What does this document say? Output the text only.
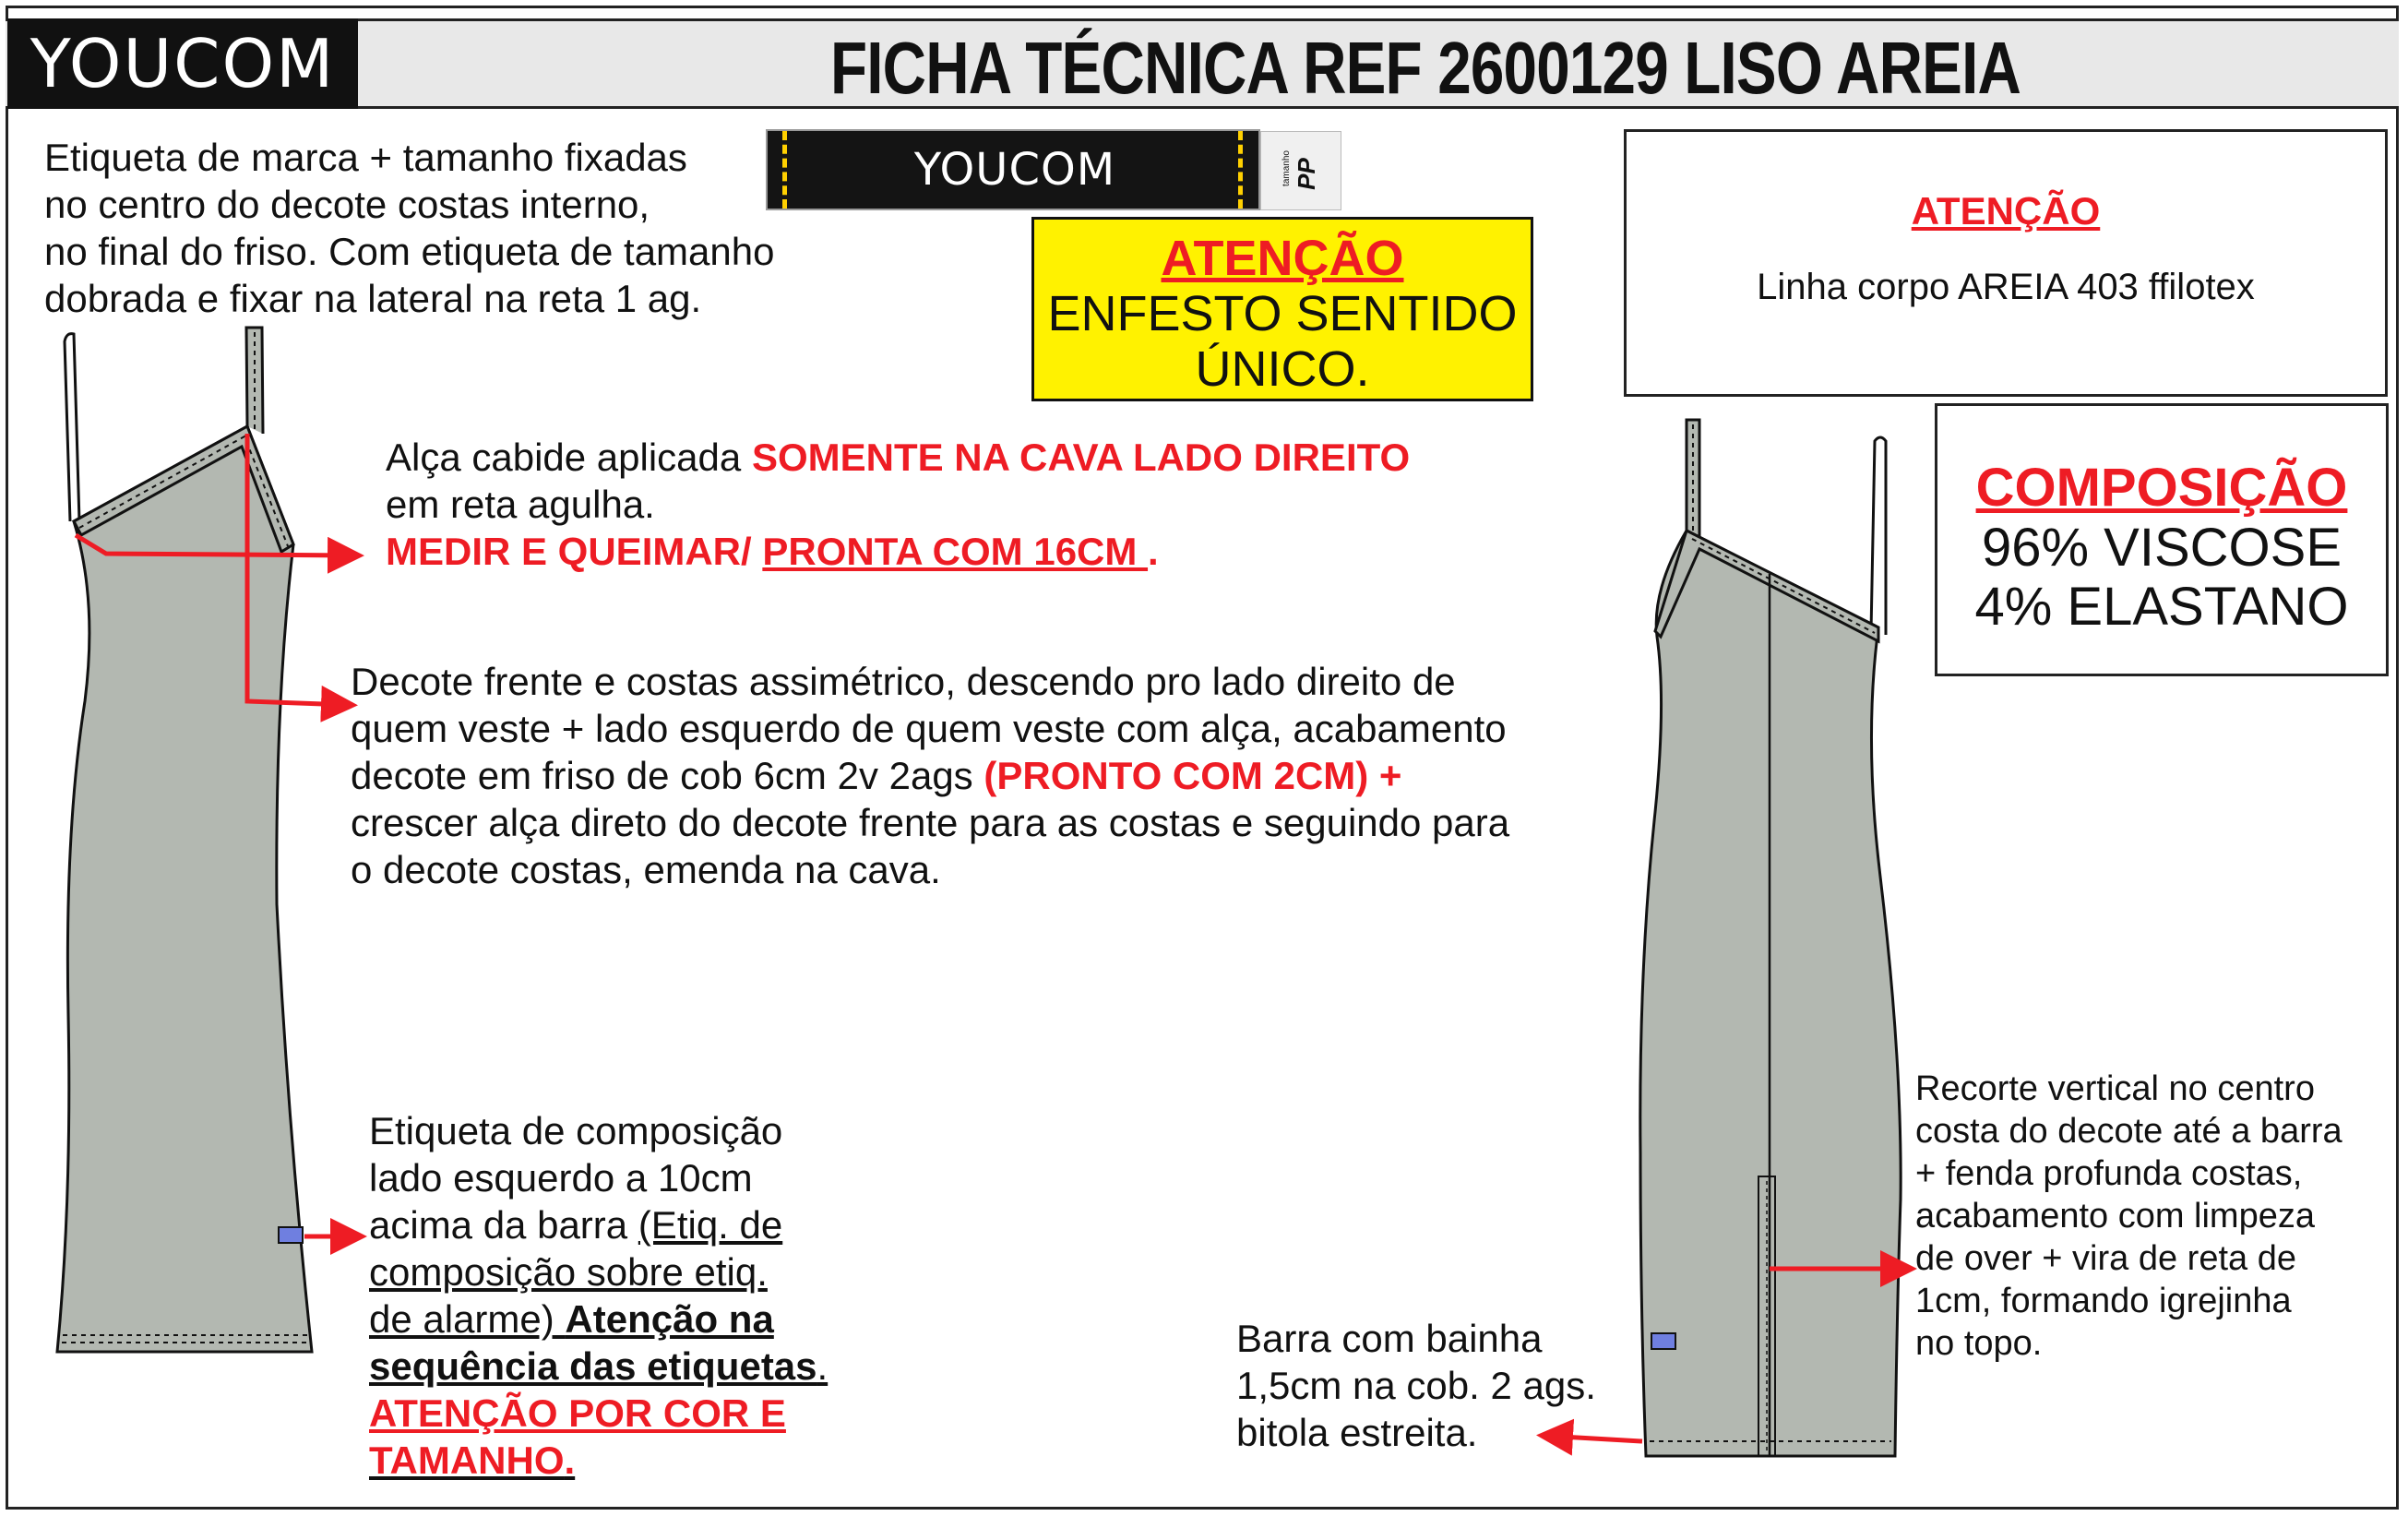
YOUCOM	FICHA TÉCNICA REF 2600129 LISO AREIA
Etiqueta de marca + tamanho fixadas
no centro do decote costas interno,
no final do friso. Com etiqueta de tamanho
dobrada e fixar na lateral na reta 1 ag.
YOUCOM	tamanho PP
ATENÇÃO
ENFESTO SENTIDO
ÚNICO.
ATENÇÃO
Linha corpo AREIA 403 ffilotex
COMPOSIÇÃO
96% VISCOSE
4% ELASTANO
Alça cabide aplicada SOMENTE NA CAVA LADO DIREITO
em reta agulha.
MEDIR E QUEIMAR/ PRONTA COM 16CM .
Decote frente e costas assimétrico, descendo pro lado direito de
quem veste + lado esquerdo de quem veste com alça, acabamento
decote em friso de cob 6cm 2v 2ags (PRONTO COM 2CM) +
crescer alça direto do decote frente para as costas e seguindo para
o decote costas, emenda na cava.
Etiqueta de composição
lado esquerdo a 10cm
acima da barra (Etiq. de
composição sobre etiq.
de alarme) Atenção na
sequência das etiquetas.
ATENÇÃO POR COR E
TAMANHO.
Barra com bainha
1,5cm na cob. 2 ags.
bitola estreita.
Recorte vertical no centro
costa do decote até a barra
+ fenda profunda costas,
acabamento com limpeza
de over + vira de reta de
1cm, formando igrejinha
no topo.
